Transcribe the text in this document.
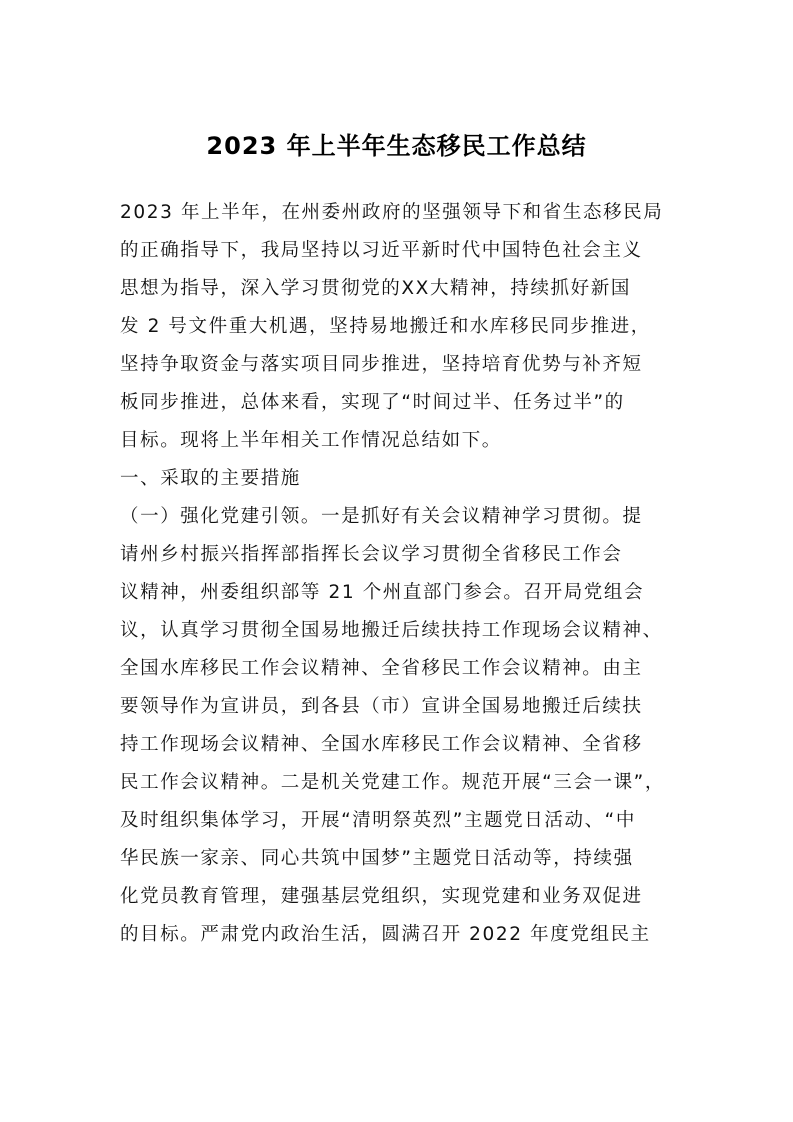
2023 年上半年生态移民工作总结
2023 年上半年，在州委州政府的坚强领导下和省生态移民局
的正确指导下，我局坚持以习近平新时代中国特色社会主义
思想为指导，深入学习贯彻党的XX大精神，持续抓好新国
发 2 号文件重大机遇，坚持易地搬迁和水库移民同步推进，
坚持争取资金与落实项目同步推进，坚持培育优势与补齐短
板同步推进，总体来看，实现了“时间过半、任务过半”的
目标。现将上半年相关工作情况总结如下。
一、采取的主要措施
（一）强化党建引领。一是抓好有关会议精神学习贯彻。提
请州乡村振兴指挥部指挥长会议学习贯彻全省移民工作会
议精神，州委组织部等 21 个州直部门参会。召开局党组会
议，认真学习贯彻全国易地搬迁后续扶持工作现场会议精神、
全国水库移民工作会议精神、全省移民工作会议精神。由主
要领导作为宣讲员，到各县（市）宣讲全国易地搬迁后续扶
持工作现场会议精神、全国水库移民工作会议精神、全省移
民工作会议精神。二是机关党建工作。规范开展“三会一课”，
及时组织集体学习，开展“清明祭英烈”主题党日活动、“中
华民族一家亲、同心共筑中国梦”主题党日活动等，持续强
化党员教育管理，建强基层党组织，实现党建和业务双促进
的目标。严肃党内政治生活，圆满召开 2022 年度党组民主
